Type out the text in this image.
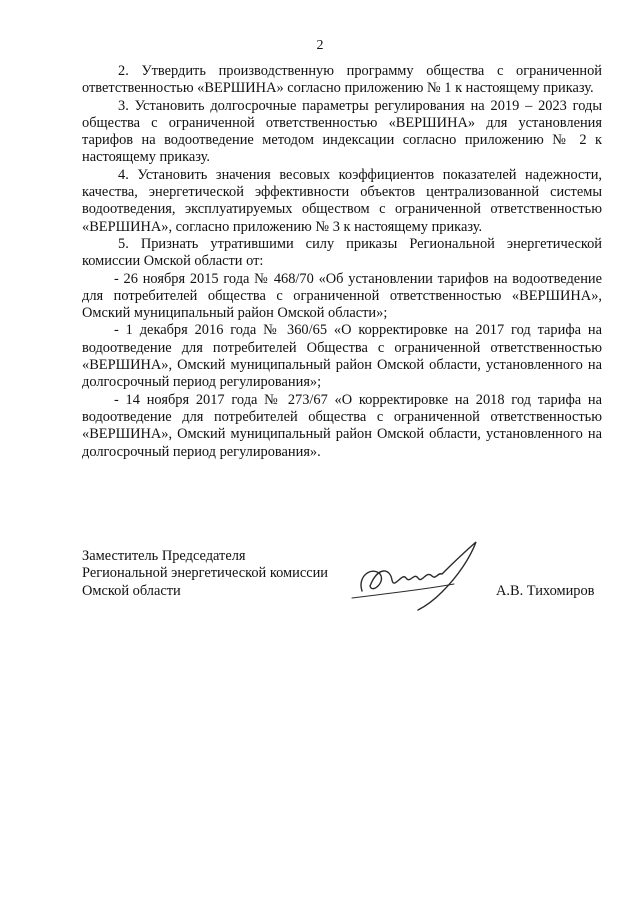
2

2. Утвердить производственную программу общества с ограниченной ответственностью «ВЕРШИНА» согласно приложению № 1 к настоящему приказу.

3. Установить долгосрочные параметры регулирования на 2019 – 2023 годы общества с ограниченной ответственностью «ВЕРШИНА» для установления тарифов на водоотведение методом индексации согласно приложению № 2 к настоящему приказу.

4. Установить значения весовых коэффициентов показателей надежности, качества, энергетической эффективности объектов централизованной системы водоотведения, эксплуатируемых обществом с ограниченной ответственностью «ВЕРШИНА», согласно приложению № 3 к настоящему приказу.

5. Признать утратившими силу приказы Региональной энергетической комиссии Омской области от:

- 26 ноября 2015 года № 468/70 «Об установлении тарифов на водоотведение для потребителей общества с ограниченной ответственностью «ВЕРШИНА», Омский муниципальный район Омской области»;

- 1 декабря 2016 года № 360/65 «О корректировке на 2017 год тарифа на водоотведение для потребителей Общества с ограниченной ответственностью «ВЕРШИНА», Омский муниципальный район Омской области, установленного на долгосрочный период регулирования»;

- 14 ноября 2017 года № 273/67 «О корректировке на 2018 год тарифа на водоотведение для потребителей общества с ограниченной ответственностью «ВЕРШИНА», Омский муниципальный район Омской области, установленного на долгосрочный период регулирования».

Заместитель Председателя
Региональной энергетической комиссии
Омской области	А.В. Тихомиров
